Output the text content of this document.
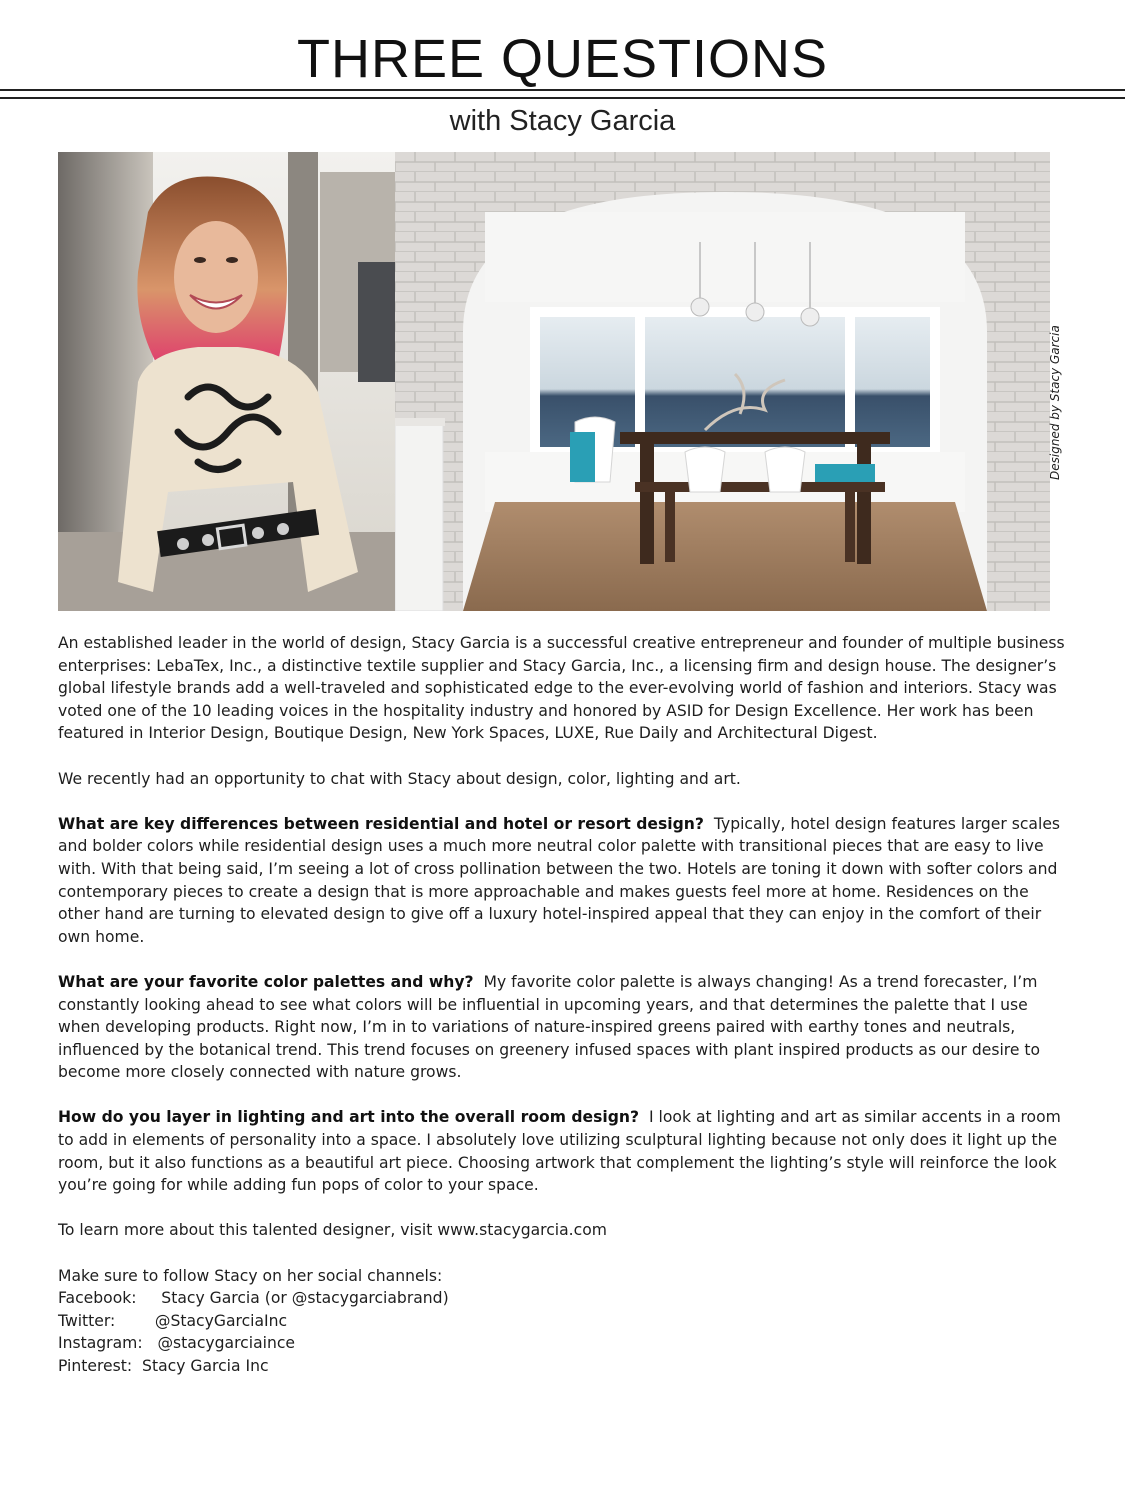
THREE QUESTIONS
with Stacy Garcia
Designed by Stacy Garcia

An established leader in the world of design, Stacy Garcia is a successful creative entrepreneur and founder of multiple business enterprises: LebaTex, Inc., a distinctive textile supplier and Stacy Garcia, Inc., a licensing firm and design house. The designer’s global lifestyle brands add a well-traveled and sophisticated edge to the ever-evolving world of fashion and interiors. Stacy was voted one of the 10 leading voices in the hospitality industry and honored by ASID for Design Excellence. Her work has been featured in Interior Design, Boutique Design, New York Spaces, LUXE, Rue Daily and Architectural Digest.

We recently had an opportunity to chat with Stacy about design, color, lighting and art.

What are key differences between residential and hotel or resort design? Typically, hotel design features larger scales and bolder colors while residential design uses a much more neutral color palette with transitional pieces that are easy to live with. With that being said, I’m seeing a lot of cross pollination between the two. Hotels are toning it down with softer colors and contemporary pieces to create a design that is more approachable and makes guests feel more at home. Residences on the other hand are turning to elevated design to give off a luxury hotel-inspired appeal that they can enjoy in the comfort of their own home.

What are your favorite color palettes and why? My favorite color palette is always changing! As a trend forecaster, I’m constantly looking ahead to see what colors will be influential in upcoming years, and that determines the palette that I use when developing products. Right now, I’m in to variations of nature-inspired greens paired with earthy tones and neutrals, influenced by the botanical trend. This trend focuses on greenery infused spaces with plant inspired products as our desire to become more closely connected with nature grows.

How do you layer in lighting and art into the overall room design? I look at lighting and art as similar accents in a room to add in elements of personality into a space. I absolutely love utilizing sculptural lighting because not only does it light up the room, but it also functions as a beautiful art piece. Choosing artwork that complement the lighting’s style will reinforce the look you’re going for while adding fun pops of color to your space.

To learn more about this talented designer, visit www.stacygarcia.com

Make sure to follow Stacy on her social channels:
Facebook:     Stacy Garcia (or @stacygarciabrand)
Twitter:        @StacyGarciaInc
Instagram:   @stacygarciaince
Pinterest:  Stacy Garcia Inc
